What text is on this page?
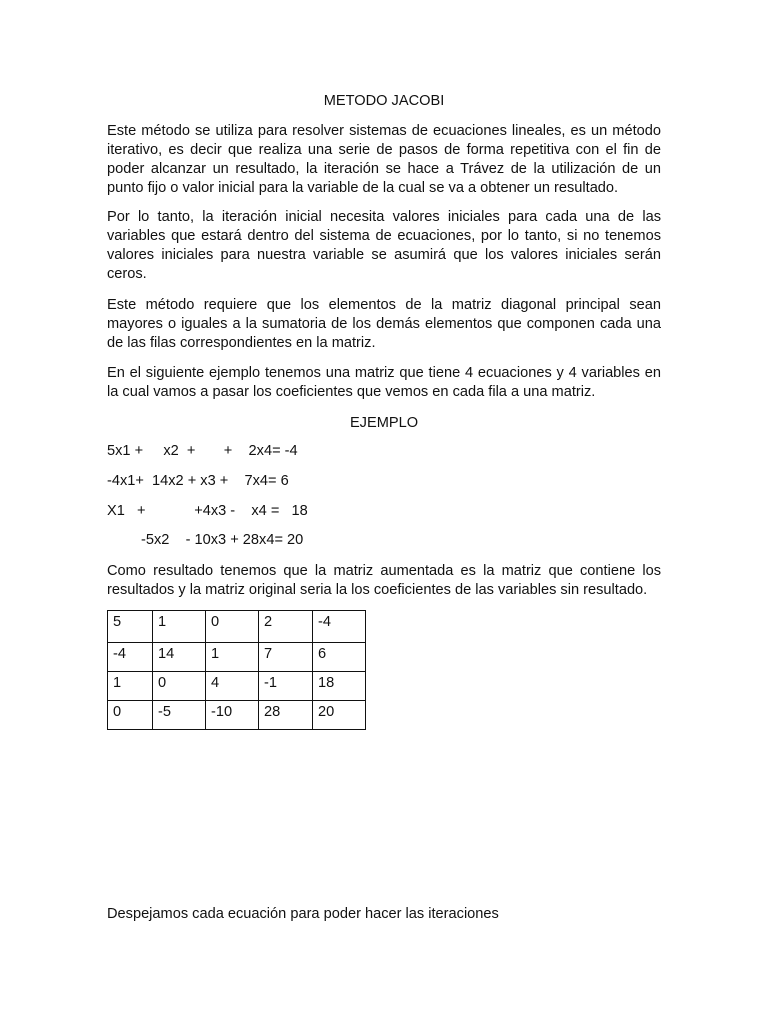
METODO JACOBI

Este método se utiliza para resolver sistemas de ecuaciones lineales, es un método iterativo, es decir que realiza una serie de pasos de forma repetitiva con el fin de poder alcanzar un resultado, la iteración se hace a Trávez de la utilización de un punto fijo o valor inicial para la variable de la cual se va a obtener un resultado.

Por lo tanto, la iteración inicial necesita valores iniciales para cada una de las variables que estará dentro del sistema de ecuaciones, por lo tanto, si no tenemos valores iniciales para nuestra variable se asumirá que los valores iniciales serán ceros.

Este método requiere que los elementos de la matriz diagonal principal sean mayores o iguales a la sumatoria de los demás elementos que componen cada una de las filas correspondientes en la matriz.

En el siguiente ejemplo tenemos una matriz que tiene 4 ecuaciones y 4 variables en la cual vamos a pasar los coeficientes que vemos en cada fila a una matriz.

EJEMPLO
5x1 +     x2  +       +    2x4= -4
-4x1+  14x2 + x3 +    7x4= 6
X1   +            +4x3 -    x4 =   18
-5x2    - 10x3 + 28x4= 20

Como resultado tenemos que la matriz aumentada es la matriz que contiene los resultados y la matriz original seria la los coeficientes de las variables sin resultado.

5	1	0	2	-4
-4	14	1	7	6
1	0	4	-1	18
0	-5	-10	28	20
Despejamos cada ecuación para poder hacer las iteraciones
